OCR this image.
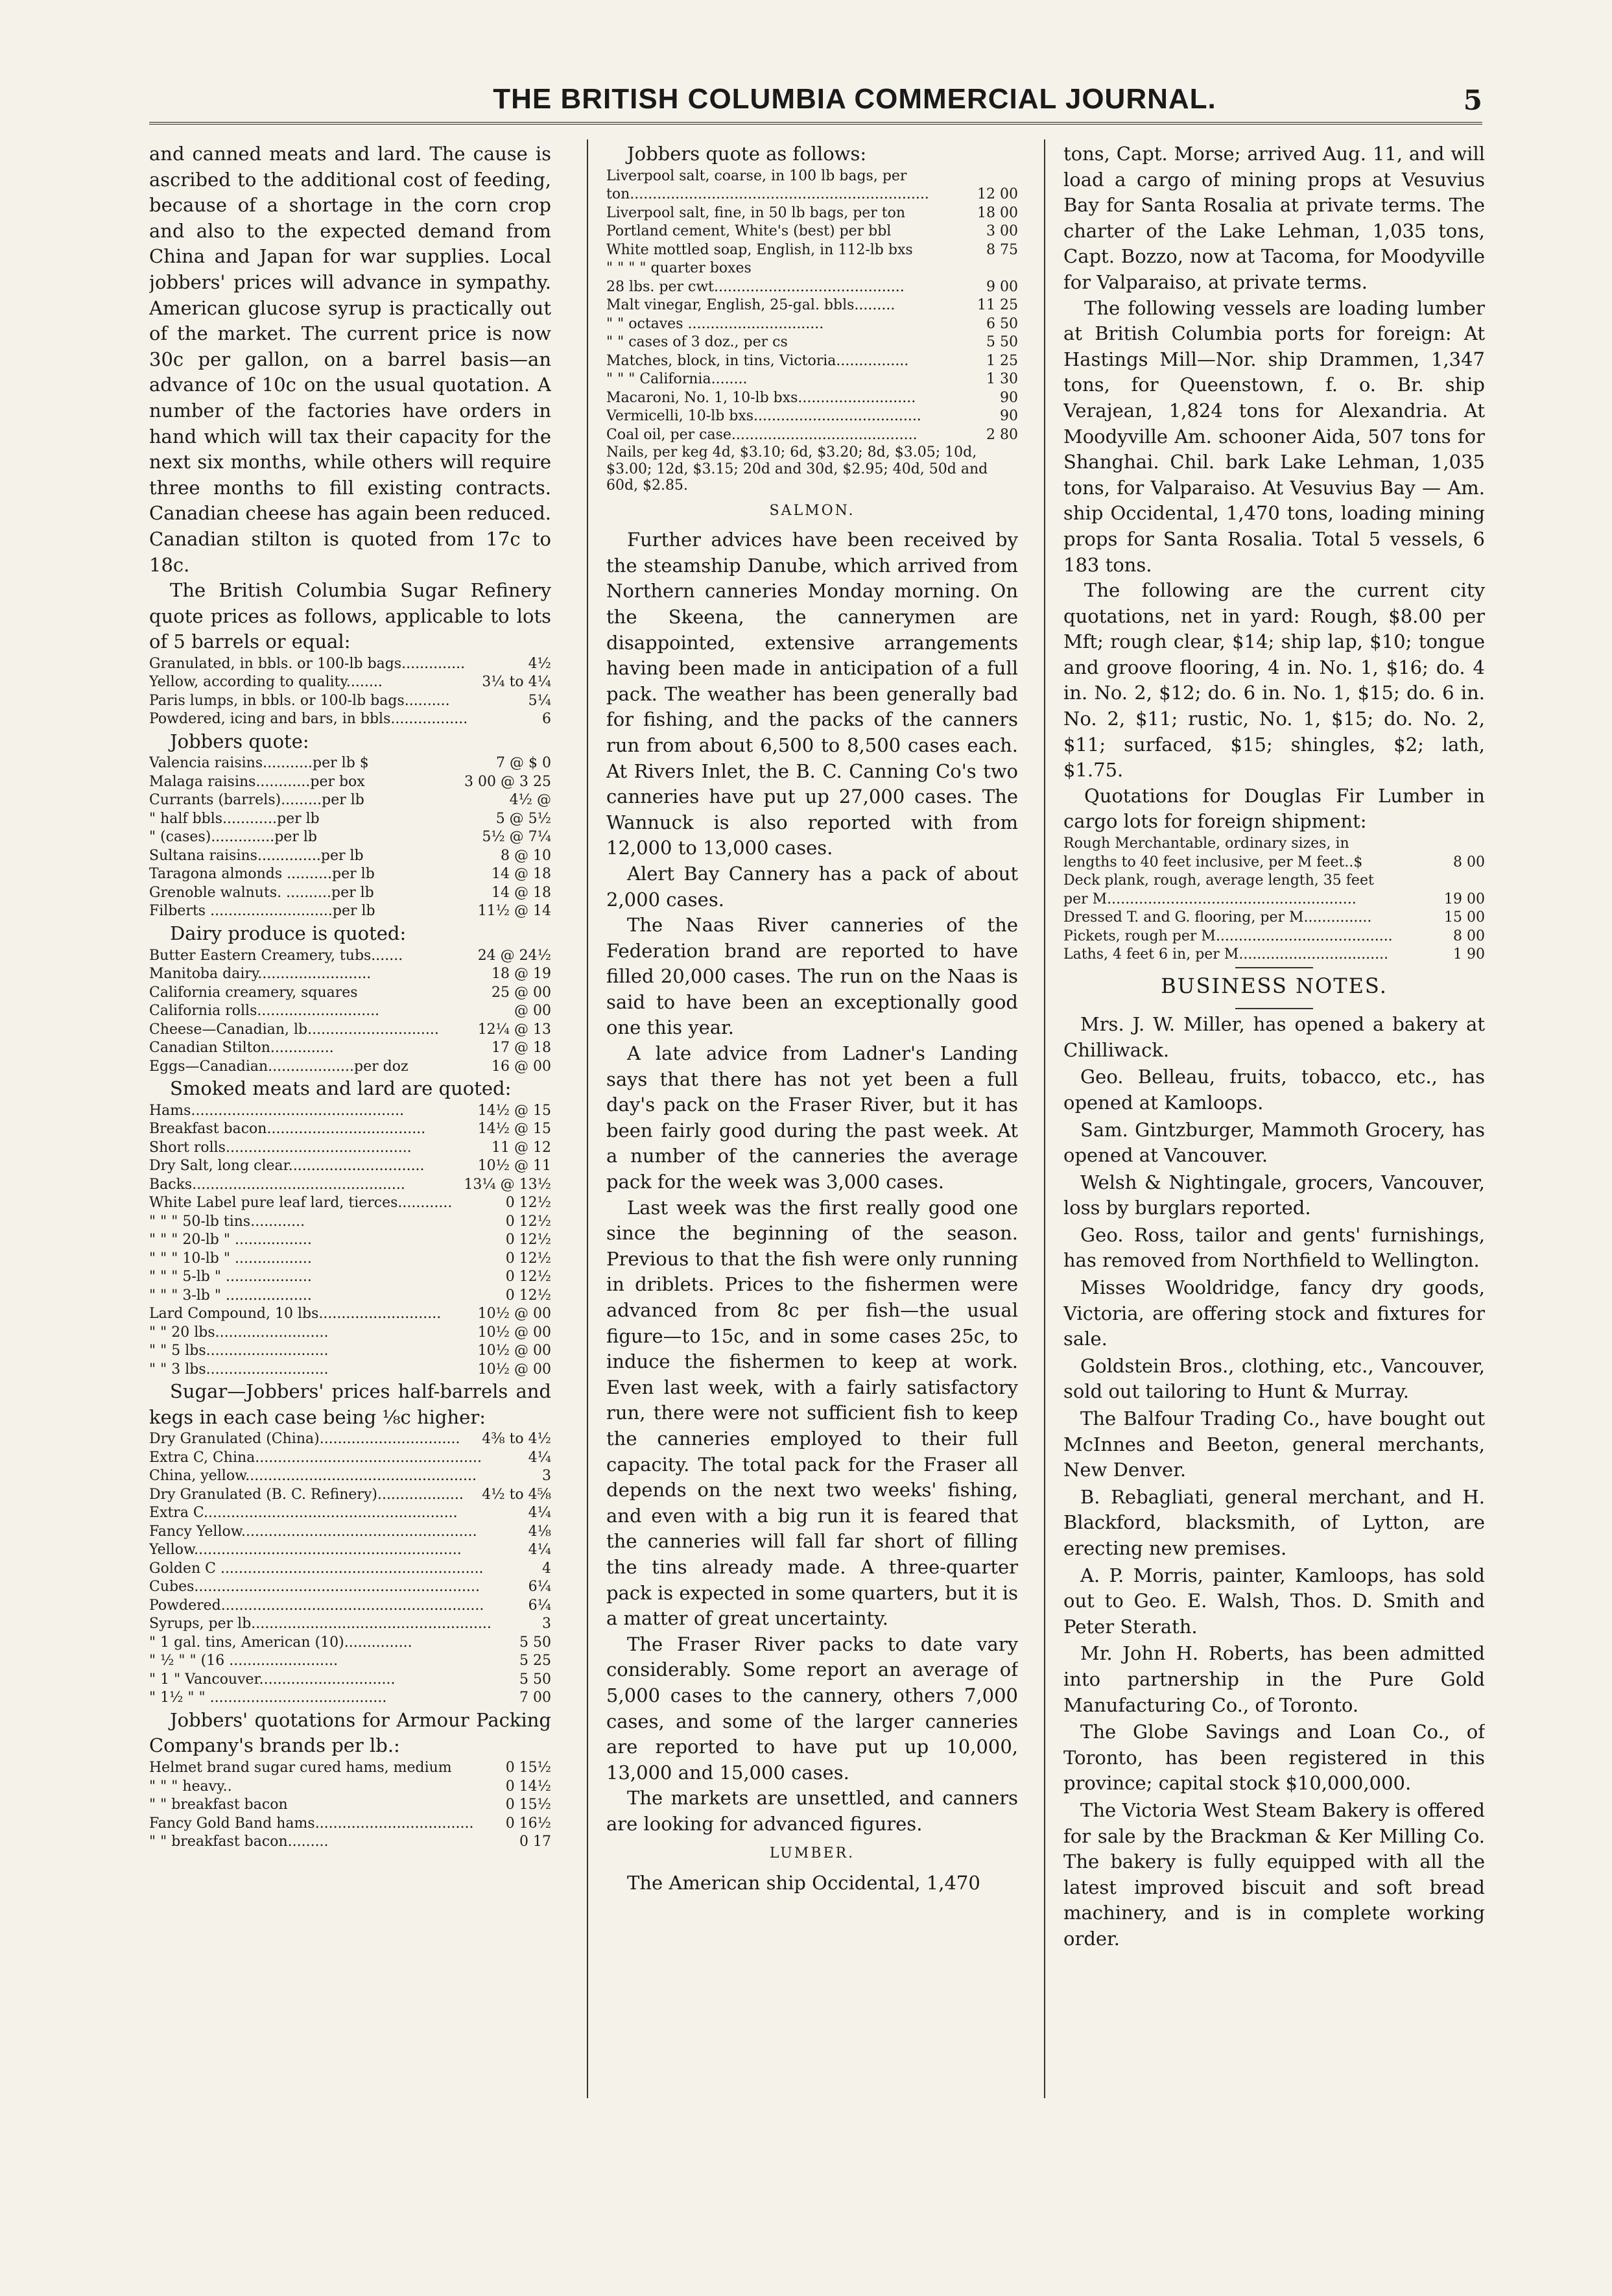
THE BRITISH COLUMBIA COMMERCIAL JOURNAL.	5

and canned meats and lard. The cause is ascribed to the additional cost of feeding, because of a shortage in the corn crop and also to the expected demand from China and Japan for war supplies. Local jobbers' prices will advance in sympathy. American glucose syrup is practically out of the market. The current price is now 30c per gallon, on a barrel basis—an advance of 10c on the usual quotation. A number of the factories have orders in hand which will tax their capacity for the next six months, while others will require three months to fill existing contracts. Canadian cheese has again been reduced. Canadian stilton is quoted from 17c to 18c.

The British Columbia Sugar Refinery quote prices as follows, applicable to lots of 5 barrels or equal:

Granulated, in bbls. or 100-lb bags..............	4½
Yellow, according to quality........	3¼ to 4¼
Paris lumps, in bbls. or 100-lb bags..........	5¼
Powdered, icing and bars, in bbls.................	6

Jobbers quote:

Valencia raisins...........per lb $	7 @ $ 0
Malaga raisins............per box	3 00 @ 3 25
Currants (barrels).........per lb	4½ @
" half bbls............per lb	5 @ 5½
" (cases)..............per lb	5½ @ 7¼
Sultana raisins..............per lb	8 @ 10
Taragona almonds ..........per lb	14 @ 18
Grenoble walnuts. ..........per lb	14 @ 18
Filberts ...........................per lb	11½ @ 14

Dairy produce is quoted:

Butter Eastern Creamery, tubs.......	24 @ 24½
Manitoba dairy.........................	18 @ 19
California creamery, squares	25 @ 00
California rolls...........................	@ 00
Cheese—Canadian, lb.............................	12¼ @ 13
Canadian Stilton..............	17 @ 18
Eggs—Canadian...................per doz	16 @ 00

Smoked meats and lard are quoted:

Hams...............................................	14½ @ 15
Breakfast bacon...................................	14½ @ 15
Short rolls.........................................	11 @ 12
Dry Salt, long clear..............................	10½ @ 11
Backs...............................................	13¼ @ 13½
White Label pure leaf lard, tierces............	0 12½
" " " 50-lb tins............	0 12½
" " " 20-lb " .................	0 12½
" " " 10-lb " .................	0 12½
" " " 5-lb " ...................	0 12½
" " " 3-lb " ...................	0 12½
Lard Compound, 10 lbs...........................	10½ @ 00
" " 20 lbs.........................	10½ @ 00
" " 5 lbs...........................	10½ @ 00
" " 3 lbs...........................	10½ @ 00

Sugar—Jobbers' prices half-barrels and kegs in each case being ⅛c higher:

Dry Granulated (China)...............................	4⅜ to 4½
Extra C, China..................................................	4¼
China, yellow...................................................	3
Dry Granulated (B. C. Refinery)...................	4½ to 4⅝
Extra C........................................................	4¼
Fancy Yellow....................................................	4⅛
Yellow...........................................................	4¼
Golden C ..........................................................	4
Cubes...............................................................	6¼
Powdered..........................................................	6¼
Syrups, per lb.....................................................	3
" 1 gal. tins, American (10)...............	5 50
" ½ " " (16 ........................	5 25
" 1 " Vancouver..............................	5 50
" 1½ " " .......................................	7 00

Jobbers' quotations for Armour Packing Company's brands per lb.:

Helmet brand sugar cured hams, medium	0 15½
" " " heavy..	0 14½
" " breakfast bacon	0 15½
Fancy Gold Band hams...................................	0 16½
" " breakfast bacon.........	0 17

Jobbers quote as follows:

Liverpool salt, coarse, in 100 lb bags, per
ton..................................................................	12 00
Liverpool salt, fine, in 50 lb bags, per ton	18 00
Portland cement, White's (best) per bbl	3 00
White mottled soap, English, in 112-lb bxs	8 75
" " " " quarter boxes
28 lbs. per cwt..........................................	9 00
Malt vinegar, English, 25-gal. bbls.........	11 25
" " octaves ..............................	6 50
" " cases of 3 doz., per cs	5 50
Matches, block, in tins, Victoria................	1 25
" " " California........	1 30
Macaroni, No. 1, 10-lb bxs..........................	90
Vermicelli, 10-lb bxs.....................................	90
Coal oil, per case.........................................	2 80

Nails, per keg 4d, $3.10; 6d, $3.20; 8d, $3.05; 10d, $3.00; 12d, $3.15; 20d and 30d, $2.95; 40d, 50d and 60d, $2.85.

SALMON.

Further advices have been received by the steamship Danube, which arrived from Northern canneries Monday morning. On the Skeena, the cannerymen are disappointed, extensive arrangements having been made in anticipation of a full pack. The weather has been generally bad for fishing, and the packs of the canners run from about 6,500 to 8,500 cases each. At Rivers Inlet, the B. C. Canning Co's two canneries have put up 27,000 cases. The Wannuck is also reported with from 12,000 to 13,000 cases.

Alert Bay Cannery has a pack of about 2,000 cases.

The Naas River canneries of the Federation brand are reported to have filled 20,000 cases. The run on the Naas is said to have been an exceptionally good one this year.

A late advice from Ladner's Landing says that there has not yet been a full day's pack on the Fraser River, but it has been fairly good during the past week. At a number of the canneries the average pack for the week was 3,000 cases.

Last week was the first really good one since the beginning of the season. Previous to that the fish were only running in driblets. Prices to the fishermen were advanced from 8c per fish—the usual figure—to 15c, and in some cases 25c, to induce the fishermen to keep at work. Even last week, with a fairly satisfactory run, there were not sufficient fish to keep the canneries employed to their full capacity. The total pack for the Fraser all depends on the next two weeks' fishing, and even with a big run it is feared that the canneries will fall far short of filling the tins already made. A three-quarter pack is expected in some quarters, but it is a matter of great uncertainty.

The Fraser River packs to date vary considerably. Some report an average of 5,000 cases to the cannery, others 7,000 cases, and some of the larger canneries are reported to have put up 10,000, 13,000 and 15,000 cases.

The markets are unsettled, and canners are looking for advanced figures.

LUMBER.

The American ship Occidental, 1,470

tons, Capt. Morse; arrived Aug. 11, and will load a cargo of mining props at Vesuvius Bay for Santa Rosalia at private terms. The charter of the Lake Lehman, 1,035 tons, Capt. Bozzo, now at Tacoma, for Moodyville for Valparaiso, at private terms.

The following vessels are loading lumber at British Columbia ports for foreign: At Hastings Mill—Nor. ship Drammen, 1,347 tons, for Queenstown, f. o. Br. ship Verajean, 1,824 tons for Alexandria. At Moodyville Am. schooner Aida, 507 tons for Shanghai. Chil. bark Lake Lehman, 1,035 tons, for Valparaiso. At Vesuvius Bay — Am. ship Occidental, 1,470 tons, loading mining props for Santa Rosalia. Total 5 vessels, 6 183 tons.

The following are the current city quotations, net in yard: Rough, $8.00 per Mft; rough clear, $14; ship lap, $10; tongue and groove flooring, 4 in. No. 1, $16; do. 4 in. No. 2, $12; do. 6 in. No. 1, $15; do. 6 in. No. 2, $11; rustic, No. 1, $15; do. No. 2, $11; surfaced, $15; shingles, $2; lath, $1.75.

Quotations for Douglas Fir Lumber in cargo lots for foreign shipment:

Rough Merchantable, ordinary sizes, in
lengths to 40 feet inclusive, per M feet..$	8 00
Deck plank, rough, average length, 35 feet
per M.......................................................	19 00
Dressed T. and G. flooring, per M...............	15 00
Pickets, rough per M.......................................	8 00
Laths, 4 feet 6 in, per M.................................	1 90
BUSINESS NOTES.

Mrs. J. W. Miller, has opened a bakery at Chilliwack.

Geo. Belleau, fruits, tobacco, etc., has opened at Kamloops.

Sam. Gintzburger, Mammoth Grocery, has opened at Vancouver.

Welsh & Nightingale, grocers, Vancouver, loss by burglars reported.

Geo. Ross, tailor and gents' furnishings, has removed from Northfield to Wellington.

Misses Wooldridge, fancy dry goods, Victoria, are offering stock and fixtures for sale.

Goldstein Bros., clothing, etc., Vancouver, sold out tailoring to Hunt & Murray.

The Balfour Trading Co., have bought out McInnes and Beeton, general merchants, New Denver.

B. Rebagliati, general merchant, and H. Blackford, blacksmith, of Lytton, are erecting new premises.

A. P. Morris, painter, Kamloops, has sold out to Geo. E. Walsh, Thos. D. Smith and Peter Sterath.

Mr. John H. Roberts, has been admitted into partnership in the Pure Gold Manufacturing Co., of Toronto.

The Globe Savings and Loan Co., of Toronto, has been registered in this province; capital stock $10,000,000.

The Victoria West Steam Bakery is offered for sale by the Brackman & Ker Milling Co. The bakery is fully equipped with all the latest improved biscuit and soft bread machinery, and is in complete working order.
